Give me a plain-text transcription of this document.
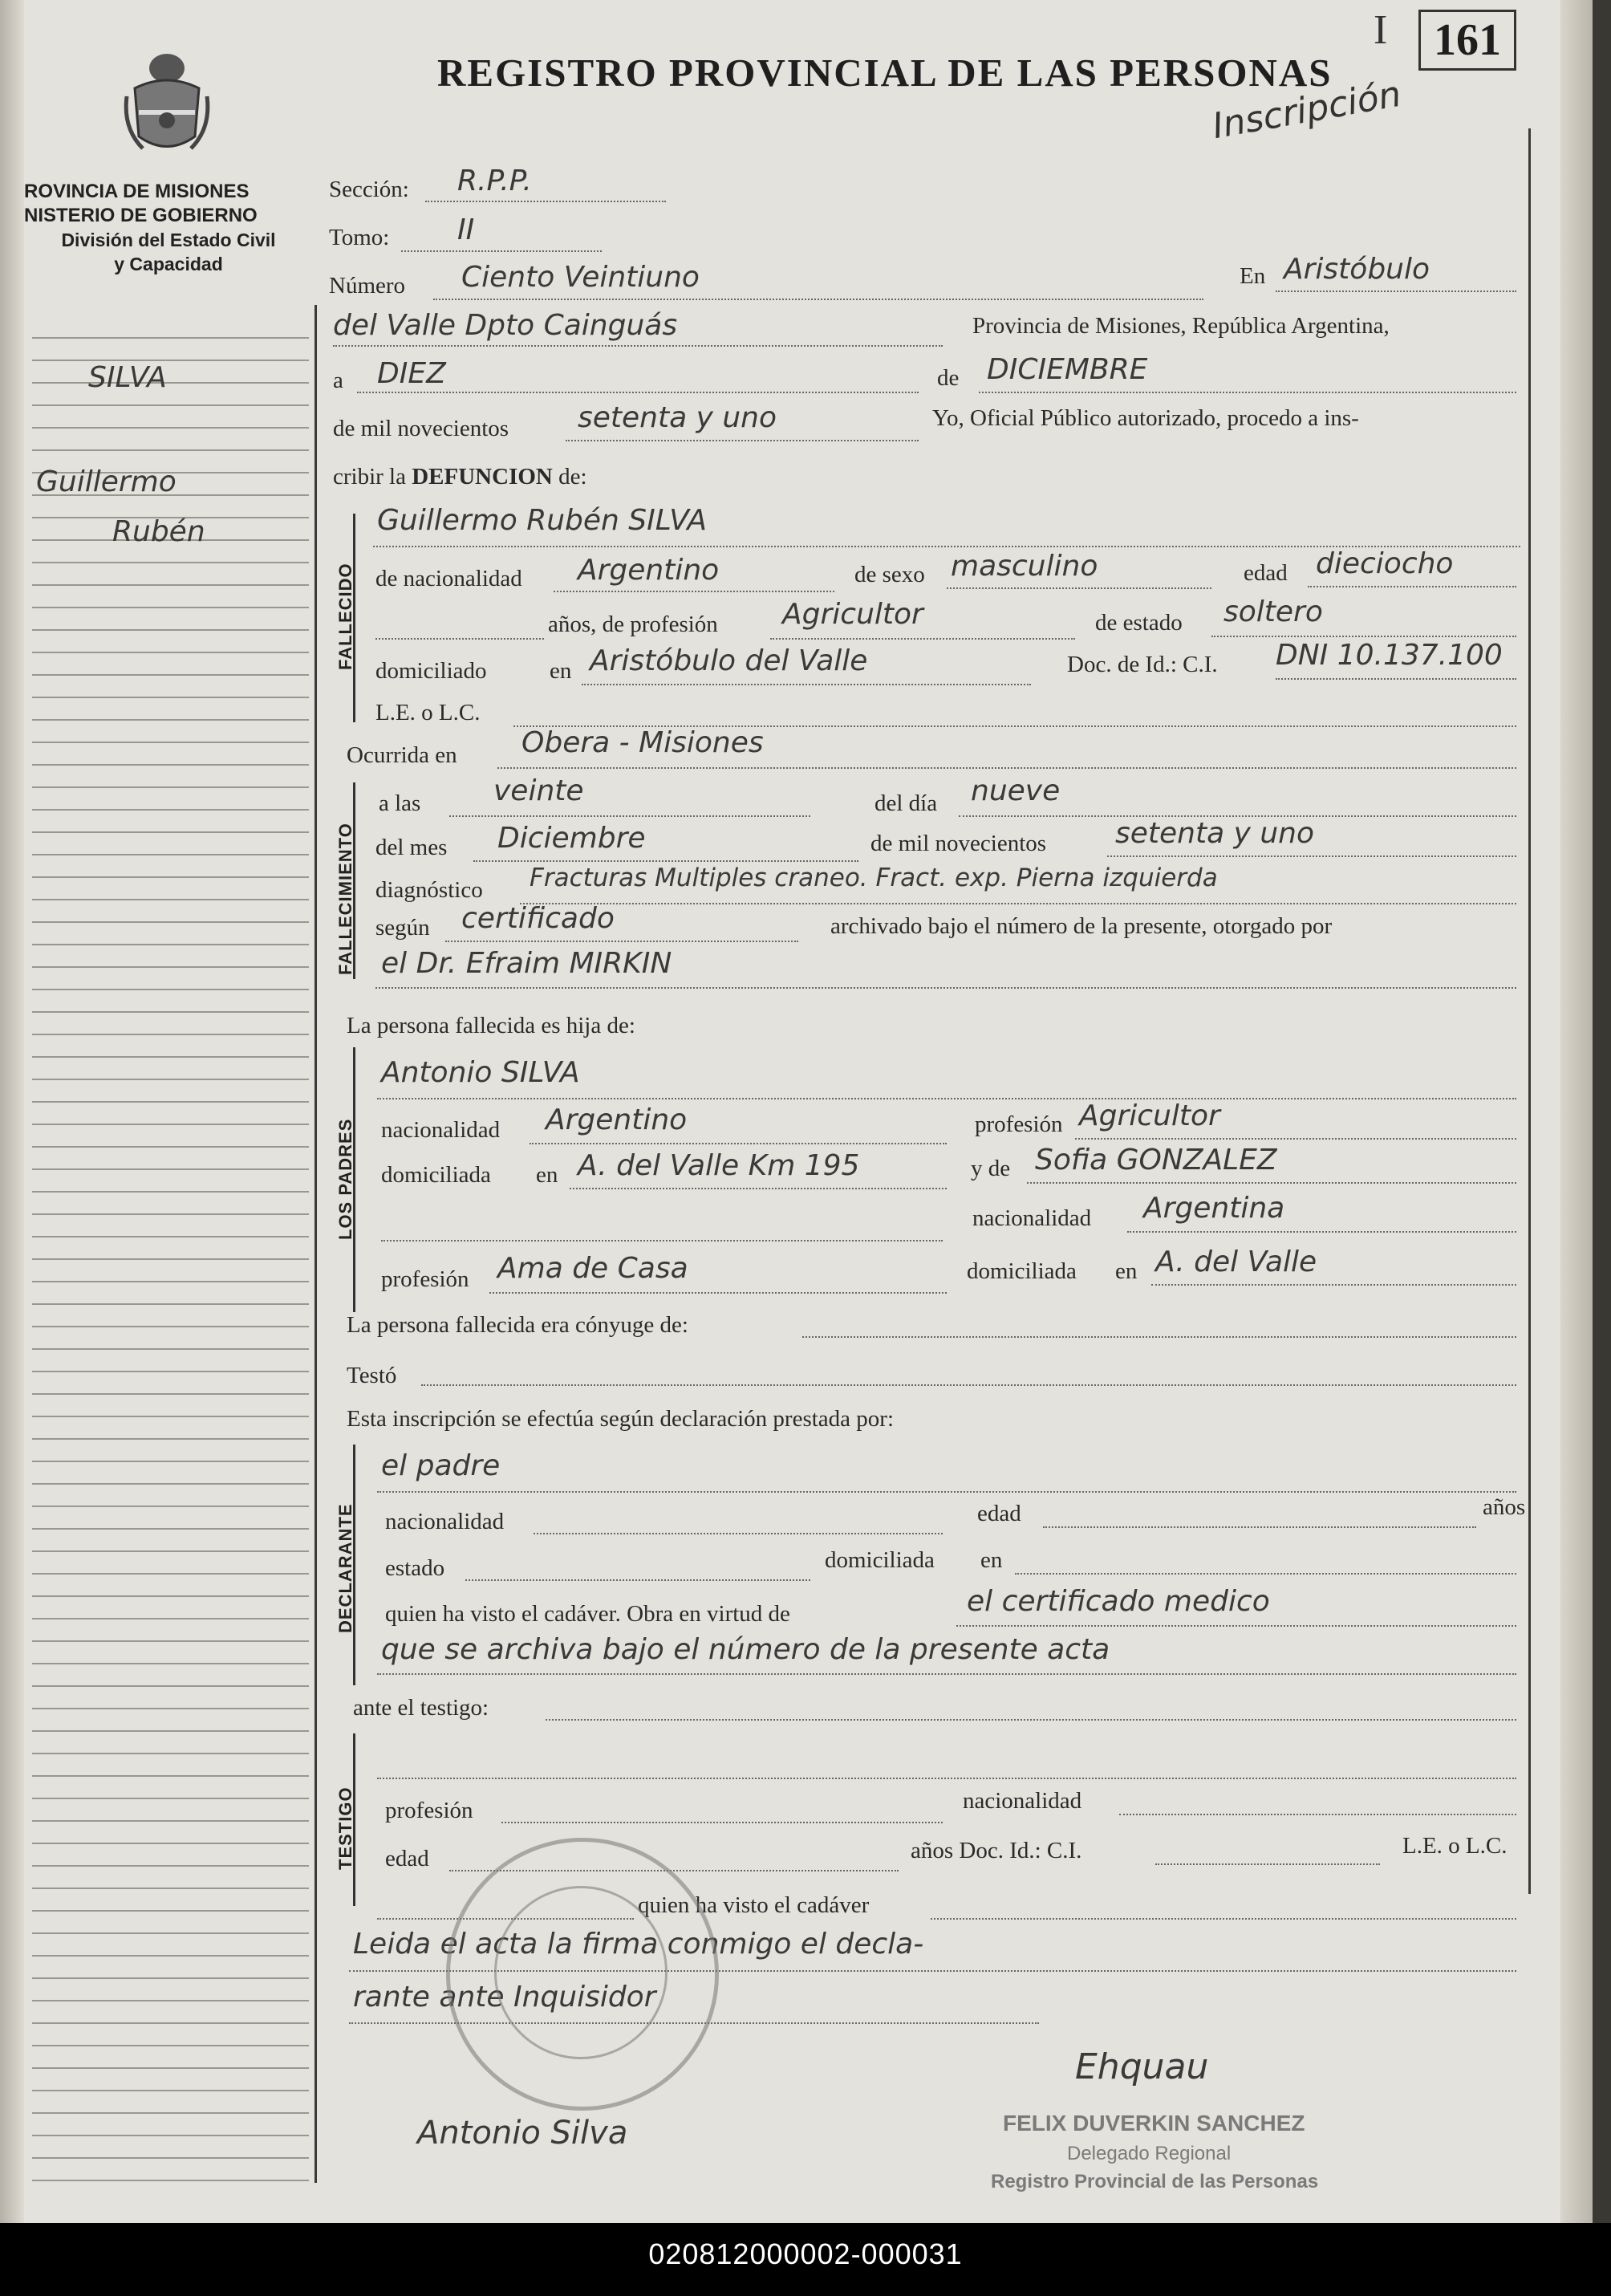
ROVINCIA DE MISIONES
NISTERIO DE GOBIERNO
División del Estado Civil
y Capacidad
REGISTRO PROVINCIAL DE LAS PERSONAS
I	161
Inscripción
SILVA
Guillermo
Rubén
Sección: R.P.P.
Tomo: II
Número Ciento Veintiuno	En Aristóbulo
del Valle Dpto Cainguás	Provincia de Misiones, República Argentina,
a DIEZ	de DICIEMBRE
de mil novecientos setenta y uno	Yo, Oficial Público autorizado, procedo a ins-
cribir la DEFUNCION de:
FALLECIDO
Guillermo Rubén SILVA
de nacionalidad Argentino	de sexo masculino	edad dieciocho
años, de profesión Agricultor	de estado soltero
domiciliado	en Aristóbulo del Valle	Doc. de Id.: C.I. DNI 10.137.100
L.E. o L.C.
Ocurrida en Obera - Misiones
FALLECIMIENTO
a las	veinte	del día nueve
del mes Diciembre	de mil novecientos setenta y uno
diagnóstico Fracturas Multiples craneo. Fract. exp. Pierna izquierda
según certificado	archivado bajo el número de la presente, otorgado por
el Dr. Efraim MIRKIN
La persona fallecida es hija de:
LOS PADRES
Antonio SILVA
nacionalidad Argentino	profesión Agricultor
domiciliada en A. del Valle Km 195	y de Sofia GONZALEZ
nacionalidad Argentina
profesión Ama de Casa	domiciliada en A. del Valle
La persona fallecida era cónyuge de:
Testó
Esta inscripción se efectúa según declaración prestada por:
DECLARANTE
el padre
nacionalidad	edad	años
estado	domiciliada en
quien ha visto el cadáver. Obra en virtud de	el certificado medico
que se archiva bajo el número de la presente acta
ante el testigo:
TESTIGO profesión	nacionalidad
edad	años Doc. Id.: C.I.	L.E. o L.C.
quien ha visto el cadáver
Leida el acta la firma conmigo el decla-
rante ante Inquisidor
Antonio Silva
Ehquau
FELIX DUVERKIN SANCHEZ
Delegado Regional
Registro Provincial de las Personas
020812000002-000031
